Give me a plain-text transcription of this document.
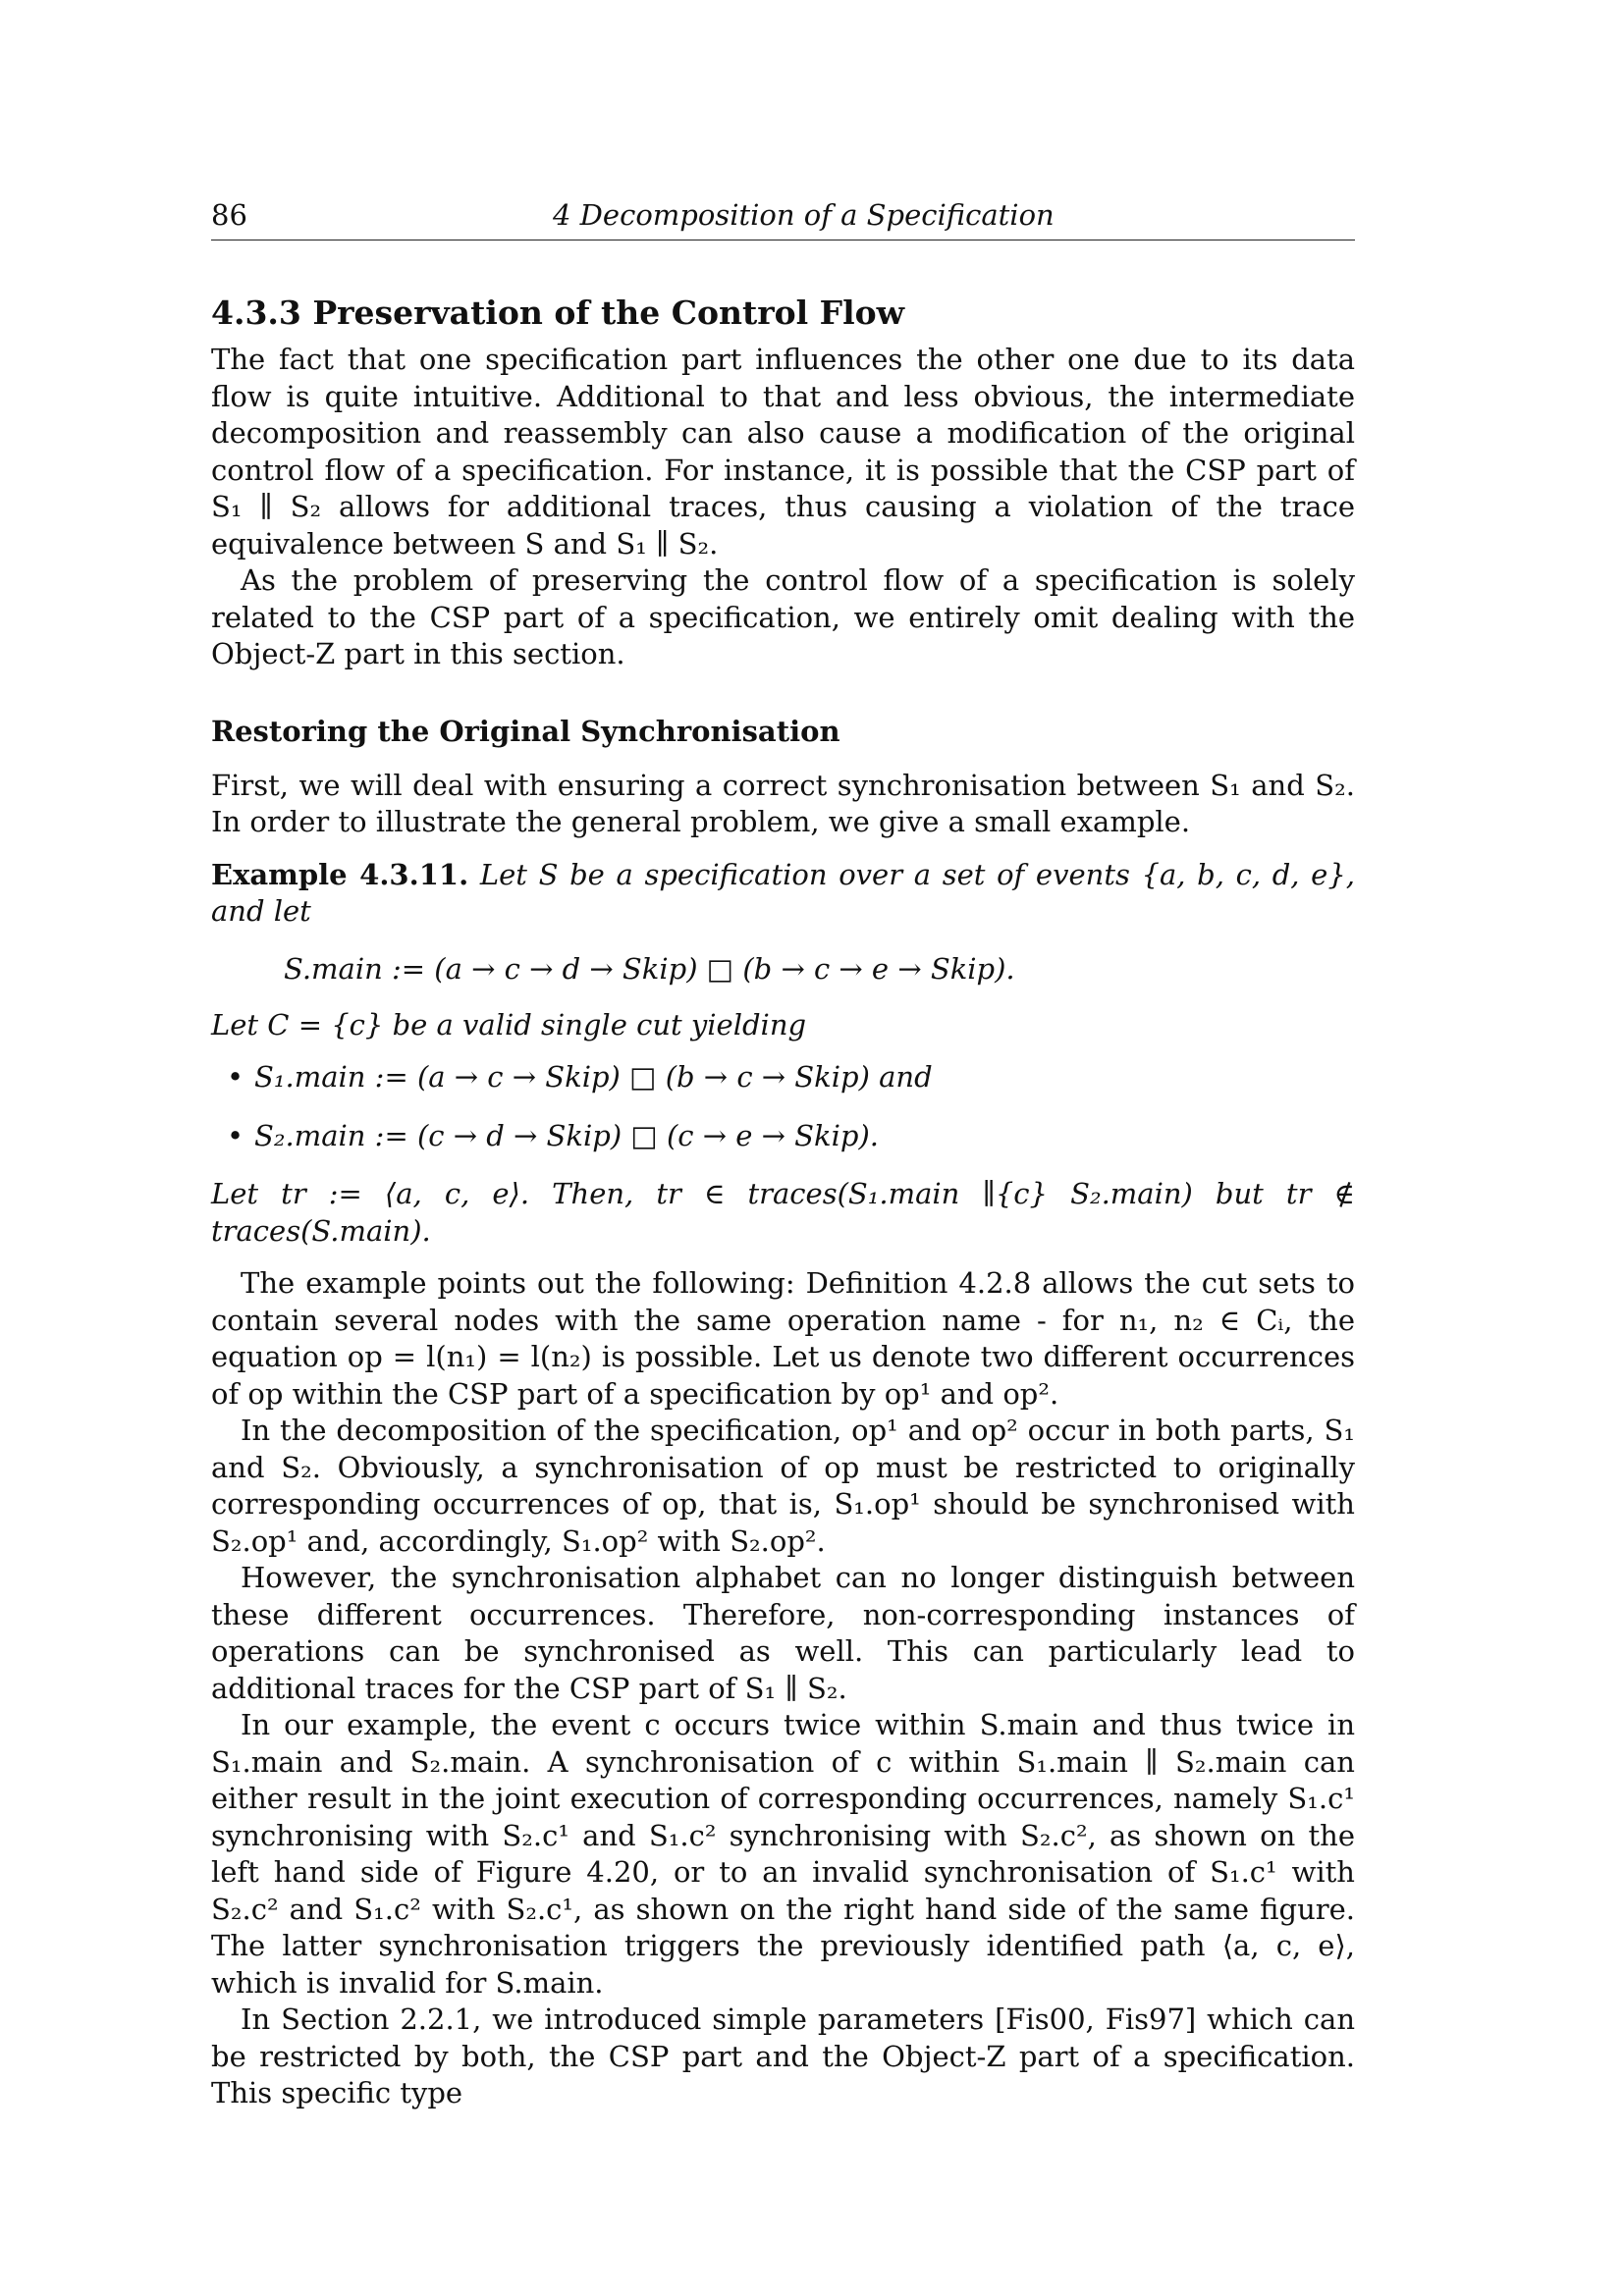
86	4 Decomposition of a Specification
4.3.3 Preservation of the Control Flow

The fact that one specification part influences the other one due to its data flow is quite intuitive. Additional to that and less obvious, the intermediate decomposition and reassembly can also cause a modification of the original control flow of a specification. For instance, it is possible that the CSP part of S₁ ∥ S₂ allows for additional traces, thus causing a violation of the trace equivalence between S and S₁ ∥ S₂.

As the problem of preserving the control flow of a specification is solely related to the CSP part of a specification, we entirely omit dealing with the Object-Z part in this section.

Restoring the Original Synchronisation

First, we will deal with ensuring a correct synchronisation between S₁ and S₂. In order to illustrate the general problem, we give a small example.

Example 4.3.11. Let S be a specification over a set of events {a, b, c, d, e}, and let

S.main := (a → c → d → Skip) □ (b → c → e → Skip).

Let C = {c} be a valid single cut yielding

• S₁.main := (a → c → Skip) □ (b → c → Skip) and
• S₂.main := (c → d → Skip) □ (c → e → Skip).

Let tr := ⟨a, c, e⟩. Then, tr ∈ traces(S₁.main ∥{c} S₂.main) but tr ∉ traces(S.main).

The example points out the following: Definition 4.2.8 allows the cut sets to contain several nodes with the same operation name - for n₁, n₂ ∈ Cᵢ, the equation op = l(n₁) = l(n₂) is possible. Let us denote two different occurrences of op within the CSP part of a specification by op¹ and op².

In the decomposition of the specification, op¹ and op² occur in both parts, S₁ and S₂. Obviously, a synchronisation of op must be restricted to originally corresponding occurrences of op, that is, S₁.op¹ should be synchronised with S₂.op¹ and, accordingly, S₁.op² with S₂.op².

However, the synchronisation alphabet can no longer distinguish between these different occurrences. Therefore, non-corresponding instances of operations can be synchronised as well. This can particularly lead to additional traces for the CSP part of S₁ ∥ S₂.

In our example, the event c occurs twice within S.main and thus twice in S₁.main and S₂.main. A synchronisation of c within S₁.main ∥ S₂.main can either result in the joint execution of corresponding occurrences, namely S₁.c¹ synchronising with S₂.c¹ and S₁.c² synchronising with S₂.c², as shown on the left hand side of Figure 4.20, or to an invalid synchronisation of S₁.c¹ with S₂.c² and S₁.c² with S₂.c¹, as shown on the right hand side of the same figure. The latter synchronisation triggers the previously identified path ⟨a, c, e⟩, which is invalid for S.main.

In Section 2.2.1, we introduced simple parameters [Fis00, Fis97] which can be restricted by both, the CSP part and the Object-Z part of a specification. This specific type
